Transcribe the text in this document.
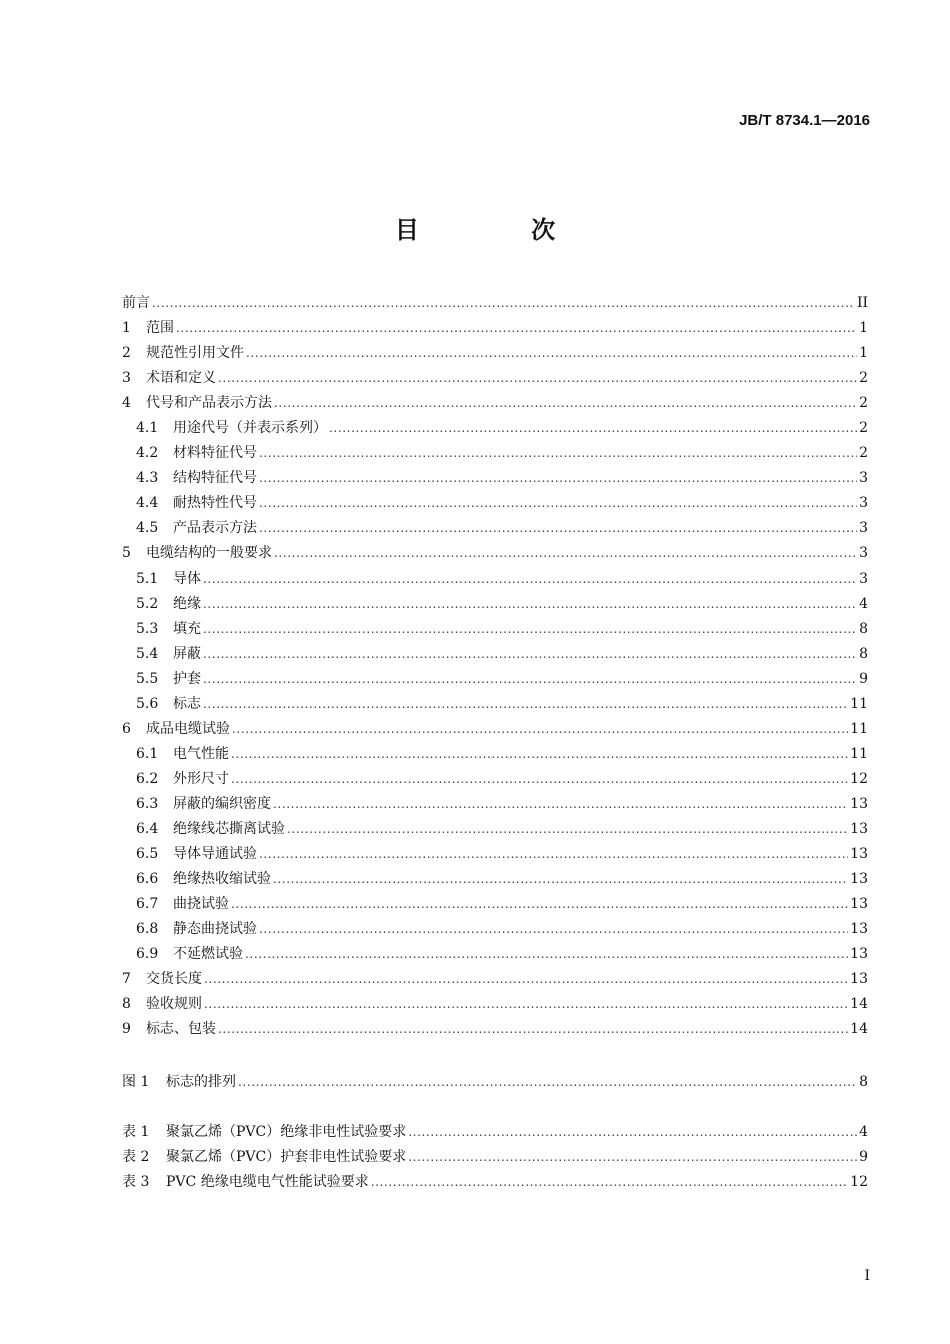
JB/T 8734.1—2016
目 次
前言 .....	II
1	范围 .....	1
2	规范性引用文件 .....	1
3	术语和定义 .....	2
4	代号和产品表示方法 .....	2
4.1	用途代号（并表示系列） .....	2
4.2	材料特征代号 .....	2
4.3	结构特征代号 .....	3
4.4	耐热特性代号 .....	3
4.5	产品表示方法 .....	3
5	电缆结构的一般要求 .....	3
5.1	导体 .....	3
5.2	绝缘 .....	4
5.3	填充 .....	8
5.4	屏蔽 .....	8
5.5	护套 .....	9
5.6	标志 .....	11
6	成品电缆试验 .....	11
6.1	电气性能 .....	11
6.2	外形尺寸 .....	12
6.3	屏蔽的编织密度 .....	13
6.4	绝缘线芯撕离试验 .....	13
6.5	导体导通试验 .....	13
6.6	绝缘热收缩试验 .....	13
6.7	曲挠试验 .....	13
6.8	静态曲挠试验 .....	13
6.9	不延燃试验 .....	13
7	交货长度 .....	13
8	验收规则 .....	14
9	标志、包装 .....	14
图 1	标志的排列 .....	8
表 1	聚氯乙烯（PVC）绝缘非电性试验要求 .....	4
表 2	聚氯乙烯（PVC）护套非电性试验要求 .....	9
表 3	PVC 绝缘电缆电气性能试验要求 .....	12
I
